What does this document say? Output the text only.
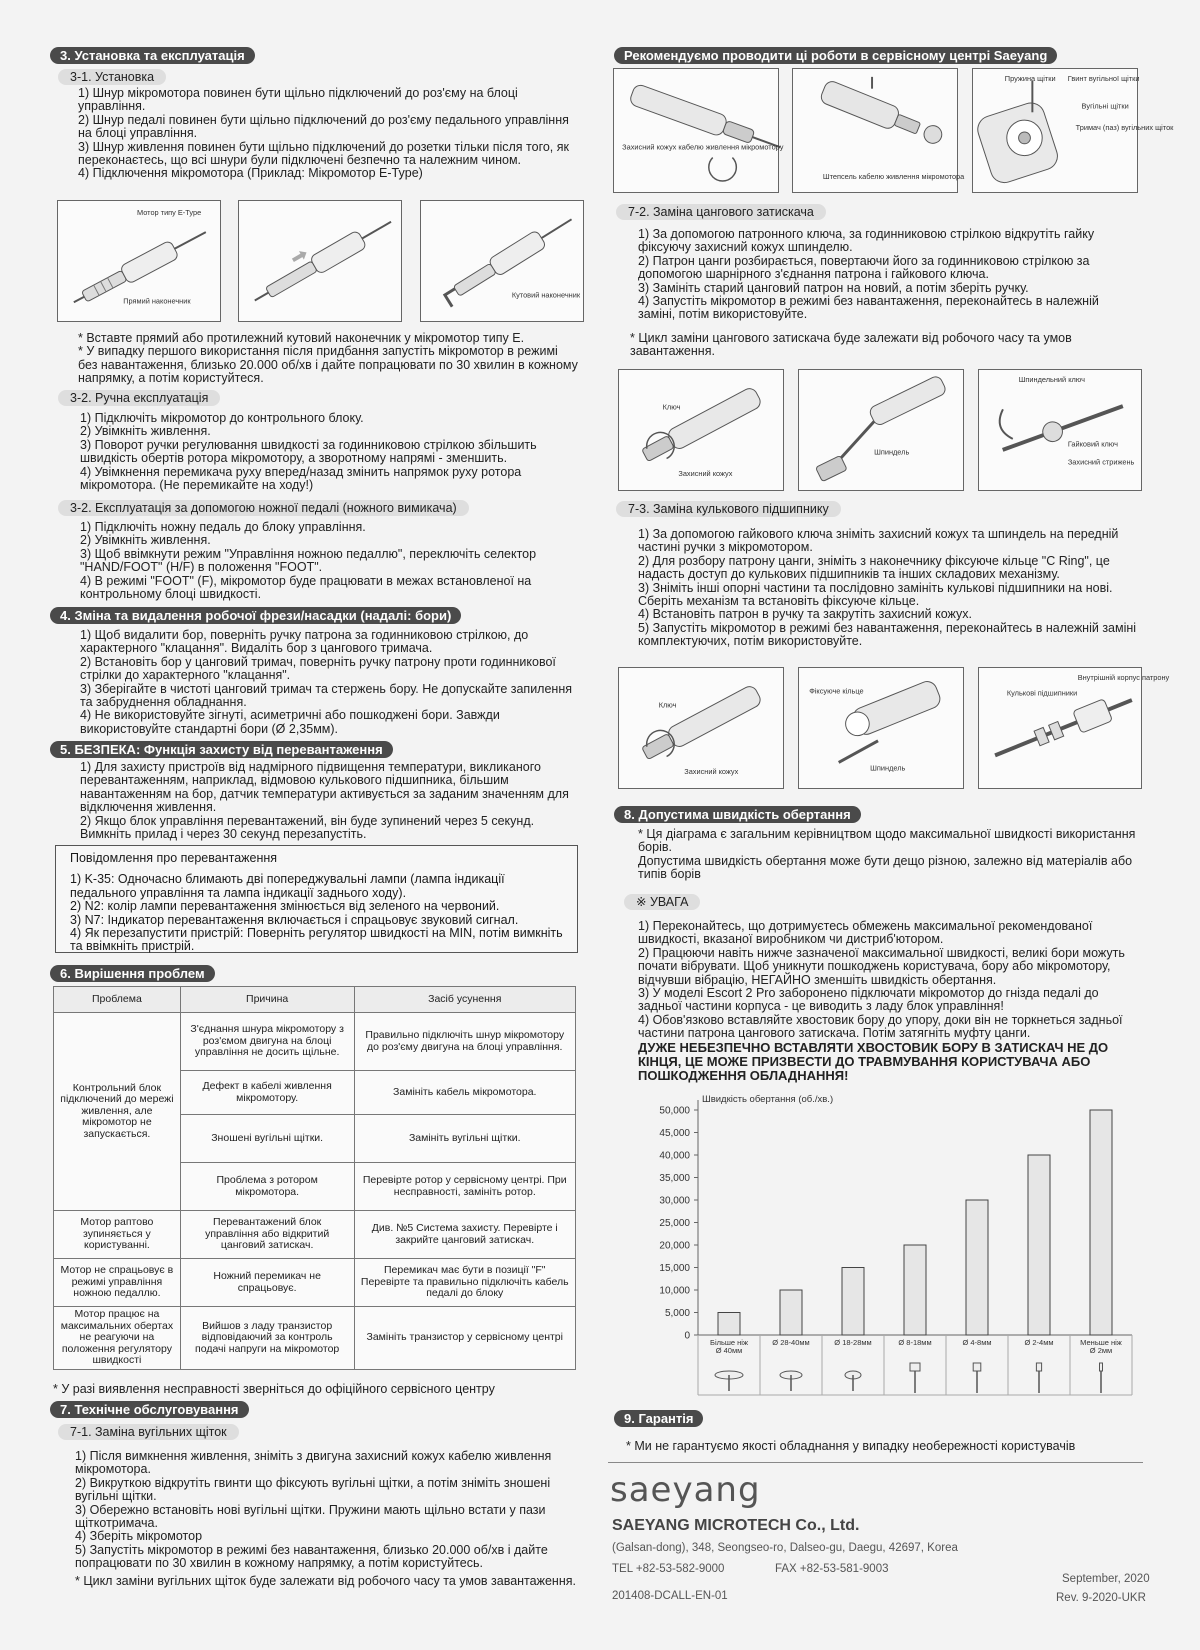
3. Установка та експлуатація
3-1. Установка

1) Шнур мікромотора повинен бути щільно підключений до роз'єму на блоці управління.

2) Шнур педалі повинен бути щільно підключений до роз'єму педального управління на блоці управління.

3) Шнур живлення повинен бути щільно підключений до розетки тільки після того, як переконаєтесь, що всі шнури були підключені безпечно та належним чином.

4) Підключення мікромотора (Приклад: Мікромотор E-Type)

Мотор типу E-Type
Прямий наконечник
Кутовий наконечник

* Вставте прямий або протилежний кутовий наконечник у мікромотор типу E.

* У випадку першого використання після придбання запустіть мікромотор в режимі без навантаження, близько 20.000 об/хв і дайте попрацювати по 30 хвилин в кожному напрямку, а потім користуйтеся.

3-2. Ручна експлуатація

1) Підключіть мікромотор до контрольного блоку.

2) Увімкніть живлення.

3) Поворот ручки регулювання швидкості за годинниковою стрілкою збільшить швидкість обертів ротора мікромотору, а зворотному напрямі - зменшить.

4) Увімкнення перемикача руху вперед/назад змінить напрямок руху ротора мікромотора. (Не перемикайте на ходу!)

3-2. Експлуатація за допомогою ножної педалі (ножного вимикача)

1) Підключіть ножну педаль до блоку управління.

2) Увімкніть живлення.

3) Щоб ввімкнути режим "Управління ножною педаллю", переключіть селектор "HAND/FOOT" (H/F) в положення "FOOT".

4) В режимі "FOOT" (F), мікромотор буде працювати в межах встановленої на контрольному блоці швидкості.

4. Зміна та видалення робочої фрези/насадки (надалі: бори)

1) Щоб видалити бор, поверніть ручку патрона за годинниковою стрілкою, до характерного "клацання". Видаліть бор з цангового тримача.

2) Встановіть бор у цанговий тримач, поверніть ручку патрону проти годинникової стрілки до характерного "клацання".

3) Зберігайте в чистоті цанговий тримач та стержень бору. Не допускайте запилення та забруднення обладнання.

4) Не використовуйте зігнуті, асиметричні або пошкоджені бори. Завжди використовуйте стандартні бори (Ø 2,35мм).

5. БЕЗПЕКА: Функція захисту від перевантаження

1) Для захисту пристроїв від надмірного підвищення температури, викликаного перевантаженням, наприклад, відмовою кулькового підшипника, більшим навантаженням на бор, датчик температури активується за заданим значенням для відключення живлення.

2) Якщо блок управління перевантажений, він буде зупинений через 5 секунд. Вимкніть прилад і через 30 секунд перезапустіть.

Повідомлення про перевантаження

1) K-35: Одночасно блимають дві попереджувальні лампи (лампа індикації педального управління та лампа індикації заднього ходу).

2) N2: колір лампи перевантаження змінюється від зеленого на червоний.

3) N7: Індикатор перевантаження включається і спрацьовує звуковий сигнал.

4) Як перезапустити пристрій: Поверніть регулятор швидкості на MIN, потім вимкніть та ввімкніть пристрій.

6. Вирішення проблем
Проблема	Причина	Засіб усунення
Контрольний блок підключений до мережі живлення, але мікромотор не запускається.	З'єднання шнура мікромотору з роз'ємом двигуна на блоці управління не досить щільне.	Правильно підключіть шнур мікромотору до роз'єму двигуна на блоці управління.
	Дефект в кабелі живлення мікромотору.	Замініть кабель мікромотора.
	Зношені вугільні щітки.	Замініть вугільні щітки.
	Проблема з ротором мікромотора.	Перевірте ротор у сервісному центрі. При несправності, замініть ротор.
Мотор раптово зупиняється у користуванні.	Перевантажений блок управління або відкритий цанговий затискач.	Див. №5 Система захисту. Перевірте і закрийте цанговий затискач.
Мотор не спрацьовує в режимі управління ножною педаллю.	Ножний перемикач не спрацьовує.	Перемикач має бути в позиції "F" Перевірте та правильно підключіть кабель педалі до блоку
Мотор працює на максимальних обертах не реагуючи на положення регулятору швидкості	Вийшов з ладу транзистор відповідаючий за контроль подачі напруги на мікромотор	Замініть транзистор у сервісному центрі
* У разі виявлення несправності зверніться до офіційного сервісного центру
7. Технічне обслуговування
7-1. Заміна вугільних щіток

1) Після вимкнення живлення, зніміть з двигуна захисний кожух кабелю живлення мікромотора.

2) Викруткою відкрутіть гвинти що фіксують вугільні щітки, а потім зніміть зношені вугільні щітки.

3) Обережно встановіть нові вугільні щітки. Пружини мають щільно встати у пази щіткотримача.

4) Зберіть мікромотор

5) Запустіть мікромотор в режимі без навантаження, близько 20.000 об/хв і дайте попрацювати по 30 хвилин в кожному напрямку, а потім користуйтесь.

* Цикл заміни вугільних щіток буде залежати від робочого часу та умов завантаження.

Рекомендуємо проводити ці роботи в сервісному центрі Saeyang
Захисний кожух кабелю живлення мікромотору
Штепсель кабелю живлення мікромотора
Пружина щітки Гвинт вугільної щітки
Вугільні щітки
Тримач (паз) вугільних щіток
7-2. Заміна цангового затискача

1) За допомогою патронного ключа, за годинниковою стрілкою відкрутіть гайку фіксуючу захисний кожух шпинделю.

2) Патрон цанги розбирається, повертаючи його за годинниковою стрілкою за допомогою шарнірного з'єднання патрона і гайкового ключа.

3) Замініть старий цанговий патрон на новий, а потім зберіть ручку.

4) Запустіть мікромотор в режимі без навантаження, переконайтесь в належній заміні, потім використовуйте.

* Цикл заміни цангового затискача буде залежати від робочого часу та умов завантаження.
Ключ
Захисний кожух
Шпиндель
Шпиндельний ключ
Гайковий ключ
Захисний стрижень
7-3. Заміна кулькового підшипнику

1) За допомогою гайкового ключа зніміть захисний кожух та шпиндель на передній частині ручки з мікромотором.

2) Для розбору патрону цанги, зніміть з наконечнику фіксуюче кільце "C Ring", це надасть доступ до кулькових підшипників та інших складових механізму.

3) Зніміть інші опорні частини та послідовно замініть кулькові підшипники на нові. Сберіть механізм та встановіть фіксуюче кільце.

4) Встановіть патрон в ручку та закрутіть захисний кожух.

5) Запустіть мікромотор в режимі без навантаження, переконайтесь в належній заміні комплектуючих, потім використовуйте.

Ключ
Захисний кожух
Фіксуюче кільце
Шпиндель
Внутрішній корпус патрону
Кулькові підшипники
8. Допустима швидкість обертання

* Ця діаграма є загальним керівництвом щодо максимальної швидкості використання борів.

Допустима швидкість обертання може бути дещо різною, залежно від матеріалів або типів борів

※ УВАГА

1) Переконайтесь, що дотримуєтесь обмежень максимальної рекомендованої швидкості, вказаної виробником чи дистриб'ютором.

2) Працюючи навіть нижче зазначеної максимальної швидкості, великі бори можуть почати вібрувати. Щоб уникнути пошкоджень користувача, бору або мікромотору, відчувши вібрацію, НЕГАЙНО зменшіть швидкість обертання.

3) У моделі Escort 2 Pro заборонено підключати мікромотор до гнізда педалі до задньої частини корпуса - це виводить з ладу блок управління!

4) Обов'язково вставляйте хвостовик бору до упору, доки він не торкнеться задньої частини патрона цангового затискача. Потім затягніть муфту цанги.

ДУЖЕ НЕБЕЗПЕЧНО ВСТАВЛЯТИ ХВОСТОВИК БОРУ В ЗАТИСКАЧ НЕ ДО КІНЦЯ, ЦЕ МОЖЕ ПРИЗВЕСТИ ДО ТРАВМУВАННЯ КОРИСТУВАЧА АБО ПОШКОДЖЕННЯ ОБЛАДНАННЯ!

Швидкість обертання (об./хв.)
50,000
45,000
40,000
35,000
30,000
25,000
20,000
15,000
10,000
5,000
0
Більше ніж
Ø 40мм
Ø 28-40мм	Ø 18-28мм	Ø 8-18мм	Ø 4-8мм	Ø 2-4мм	Меньше ніж
Ø 2мм
9. Гарантія
* Ми не гарантуємо якості обладнання у випадку необережності користувачів
saeyang
SAEYANG MICROTECH Co., Ltd.
(Galsan-dong), 348, Seongseo-ro, Dalseo-gu, Daegu, 42697, Korea
TEL +82-53-582-9000	FAX +82-53-581-9003
201408-DCALL-EN-01
September, 2020
Rev. 9-2020-UKR
